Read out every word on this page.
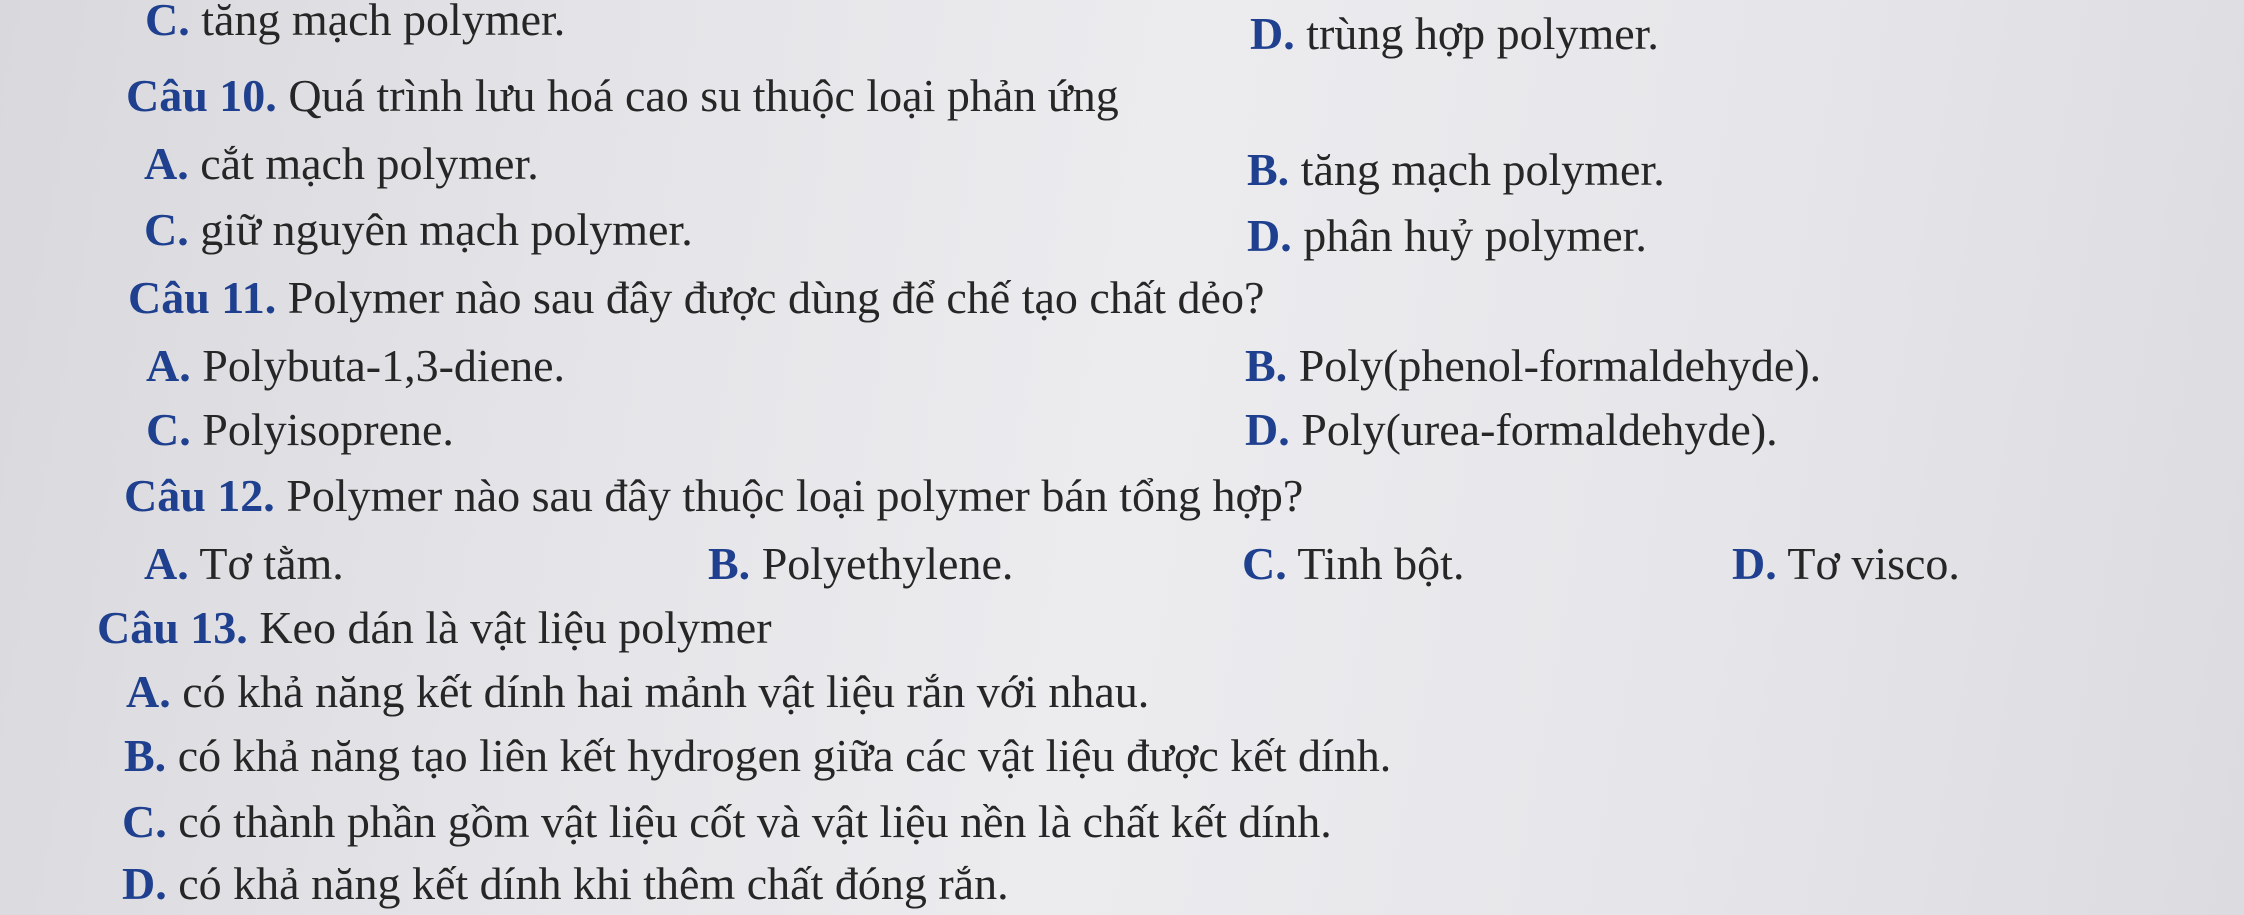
C. tăng mạch polymer.	D. trùng hợp polymer.
Câu 10. Quá trình lưu hoá cao su thuộc loại phản ứng
A. cắt mạch polymer.	B. tăng mạch polymer.
C. giữ nguyên mạch polymer.	D. phân huỷ polymer.
Câu 11. Polymer nào sau đây được dùng để chế tạo chất dẻo?
A. Polybuta-1,3-diene.	B. Poly(phenol-formaldehyde).
C. Polyisoprene.	D. Poly(urea-formaldehyde).
Câu 12. Polymer nào sau đây thuộc loại polymer bán tổng hợp?
A. Tơ tằm.	B. Polyethylene.	C. Tinh bột.	D. Tơ visco.
Câu 13. Keo dán là vật liệu polymer
A. có khả năng kết dính hai mảnh vật liệu rắn với nhau.
B. có khả năng tạo liên kết hydrogen giữa các vật liệu được kết dính.
C. có thành phần gồm vật liệu cốt và vật liệu nền là chất kết dính.
D. có khả năng kết dính khi thêm chất đóng rắn.
